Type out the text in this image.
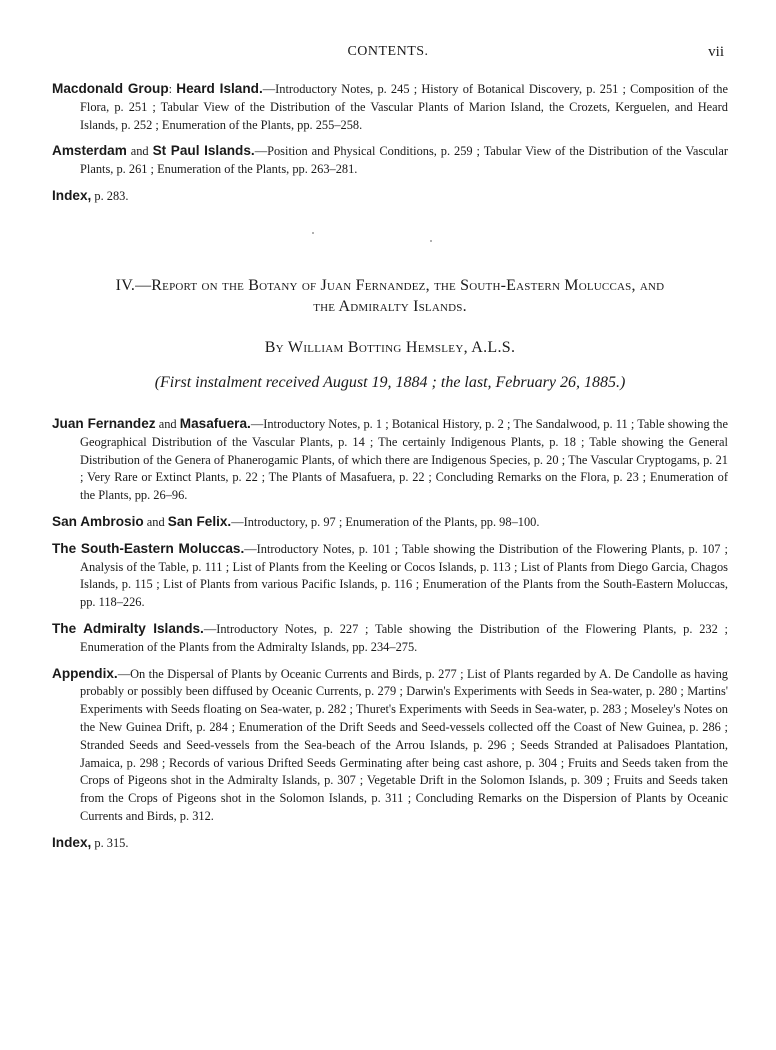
CONTENTS.	vii

Macdonald Group: Heard Island.—Introductory Notes, p. 245 ; History of Botanical Discovery, p. 251 ; Composition of the Flora, p. 251 ; Tabular View of the Distribution of the Vascular Plants of Marion Island, the Crozets, Kerguelen, and Heard Islands, p. 252 ; Enumeration of the Plants, pp. 255–258.

Amsterdam and St Paul Islands.—Position and Physical Conditions, p. 259 ; Tabular View of the Distribution of the Vascular Plants, p. 261 ; Enumeration of the Plants, pp. 263–281.

Index, p. 283.

IV.—Report on the Botany of Juan Fernandez, the South-Eastern Moluccas, and
the Admiralty Islands.
By William Botting Hemsley, A.L.S.
(First instalment received August 19, 1884 ; the last, February 26, 1885.)

Juan Fernandez and Masafuera.—Introductory Notes, p. 1 ; Botanical History, p. 2 ; The Sandalwood, p. 11 ; Table showing the Geographical Distribution of the Vascular Plants, p. 14 ; The certainly Indigenous Plants, p. 18 ; Table showing the General Distribution of the Genera of Phanerogamic Plants, of which there are Indigenous Species, p. 20 ; The Vascular Cryptogams, p. 21 ; Very Rare or Extinct Plants, p. 22 ; The Plants of Masafuera, p. 22 ; Concluding Remarks on the Flora, p. 23 ; Enumeration of the Plants, pp. 26–96.

San Ambrosio and San Felix.—Introductory, p. 97 ; Enumeration of the Plants, pp. 98–100.

The South-Eastern Moluccas.—Introductory Notes, p. 101 ; Table showing the Distribution of the Flowering Plants, p. 107 ; Analysis of the Table, p. 111 ; List of Plants from the Keeling or Cocos Islands, p. 113 ; List of Plants from Diego Garcia, Chagos Islands, p. 115 ; List of Plants from various Pacific Islands, p. 116 ; Enumeration of the Plants from the South-Eastern Moluccas, pp. 118–226.

The Admiralty Islands.—Introductory Notes, p. 227 ; Table showing the Distribution of the Flowering Plants, p. 232 ; Enumeration of the Plants from the Admiralty Islands, pp. 234–275.

Appendix.—On the Dispersal of Plants by Oceanic Currents and Birds, p. 277 ; List of Plants regarded by A. De Candolle as having probably or possibly been diffused by Oceanic Currents, p. 279 ; Darwin's Experiments with Seeds in Sea-water, p. 280 ; Martins' Experiments with Seeds floating on Sea-water, p. 282 ; Thuret's Experiments with Seeds in Sea-water, p. 283 ; Moseley's Notes on the New Guinea Drift, p. 284 ; Enumeration of the Drift Seeds and Seed-vessels collected off the Coast of New Guinea, p. 286 ; Stranded Seeds and Seed-vessels from the Sea-beach of the Arrou Islands, p. 296 ; Seeds Stranded at Palisadoes Plantation, Jamaica, p. 298 ; Records of various Drifted Seeds Germinating after being cast ashore, p. 304 ; Fruits and Seeds taken from the Crops of Pigeons shot in the Admiralty Islands, p. 307 ; Vegetable Drift in the Solomon Islands, p. 309 ; Fruits and Seeds taken from the Crops of Pigeons shot in the Solomon Islands, p. 311 ; Concluding Remarks on the Dispersion of Plants by Oceanic Currents and Birds, p. 312.

Index, p. 315.
